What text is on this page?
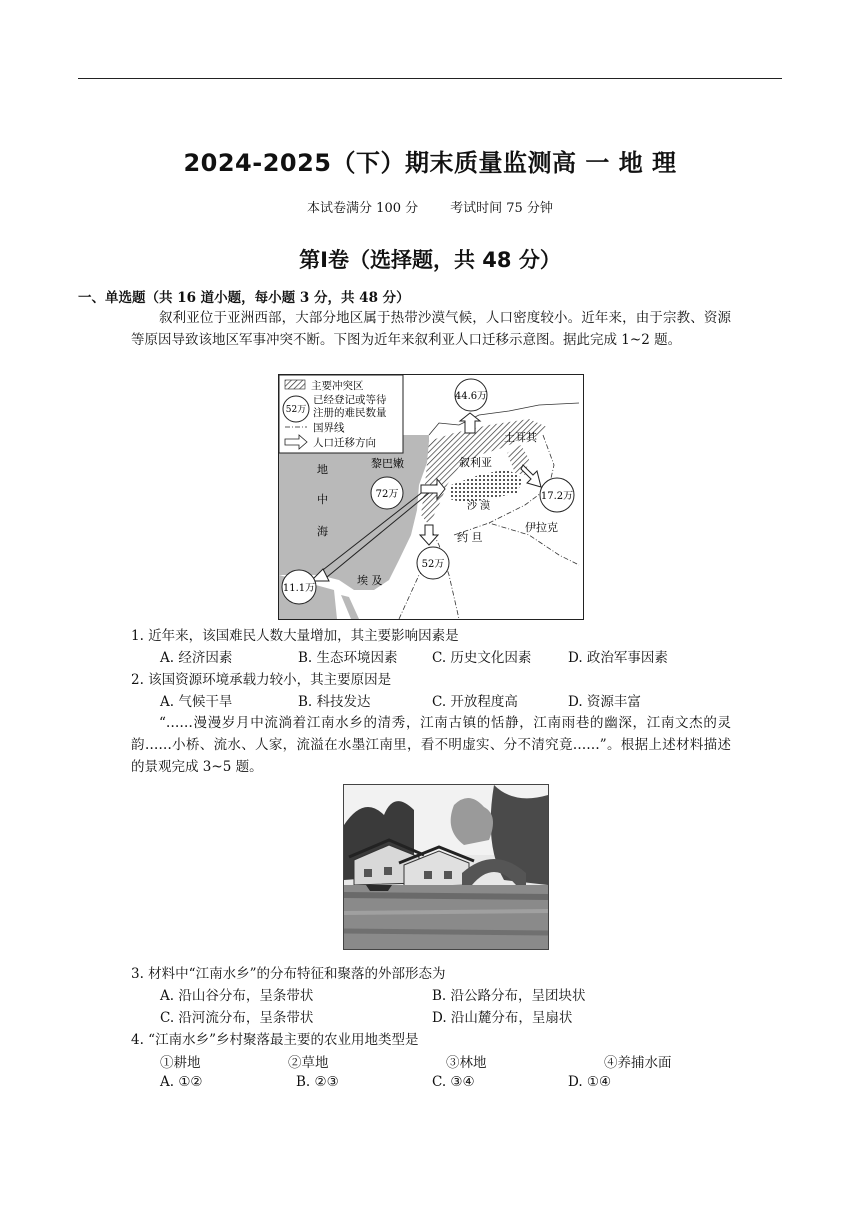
2024-2025（下）期末质量监测高 一 地 理
本试卷满分 100 分 考试时间 75 分钟
第Ⅰ卷（选择题，共 48 分）
一、单选题（共 16 道小题，每小题 3 分，共 48 分）
叙利亚位于亚洲西部，大部分地区属于热带沙漠气候，人口密度较小。近年来，由于宗教、资源等原因导致该地区军事冲突不断。下图为近年来叙利亚人口迁移示意图。据此完成 1~2 题。
44.6万
72万	17.2万
52万
11.1万
主要冲突区
52万
已经登记或等待
注册的难民数量
国界线
人口迁移方向	土耳其
叙利亚
黎巴嫩
地
中
海
沙 漠
伊拉克
约 旦
埃 及
1. 近年来，该国难民人数大量增加，其主要影响因素是
A. 经济因素	B. 生态环境因素	C. 历史文化因素	D. 政治军事因素
2. 该国资源环境承载力较小，其主要原因是
A. 气候干旱	B. 科技发达	C. 开放程度高	D. 资源丰富
“……漫漫岁月中流淌着江南水乡的清秀，江南古镇的恬静，江南雨巷的幽深，江南文杰的灵韵……小桥、流水、人家，流溢在水墨江南里，看不明虚实、分不清究竟……”。根据上述材料描述的景观完成 3~5 题。
3. 材料中“江南水乡”的分布特征和聚落的外部形态为
A. 沿山谷分布，呈条带状	B. 沿公路分布，呈团块状
C. 沿河流分布，呈条带状	D. 沿山麓分布，呈扇状
4. “江南水乡”乡村聚落最主要的农业用地类型是
①耕地	②草地	③林地	④养捕水面
A. ①②	B. ②③	C. ③④	D. ①④
